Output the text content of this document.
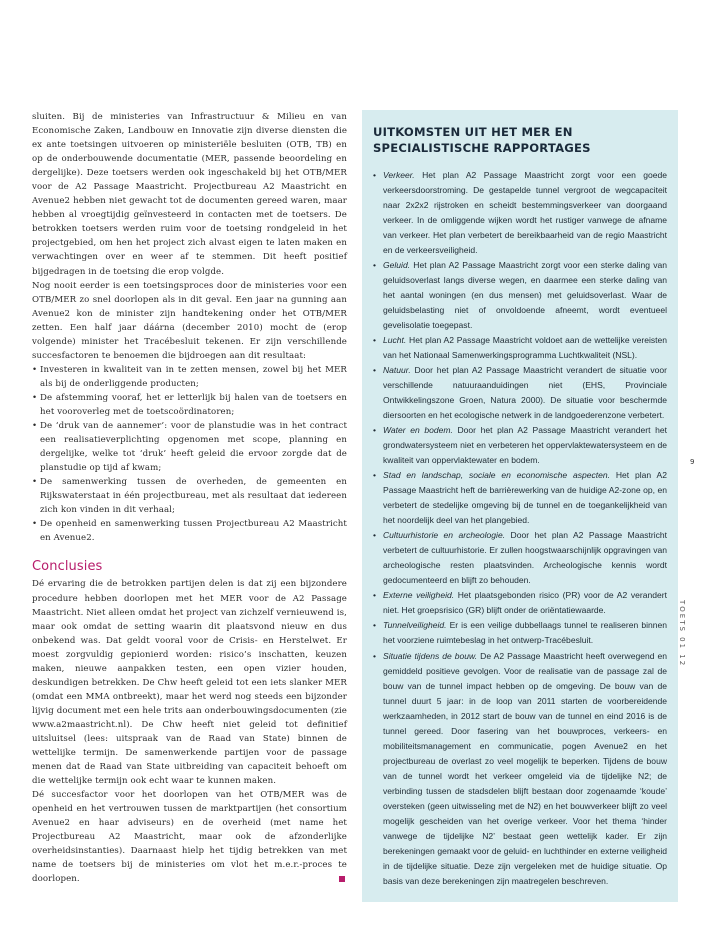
sluiten. Bij de ministeries van Infrastructuur & Milieu en van Economische Zaken, Landbouw en Innovatie zijn diverse diensten die ex ante toetsingen uitvoeren op ministeriële besluiten (OTB, TB) en op de onderbouwende documentatie (MER, passende beoordeling en dergelijke). Deze toetsers werden ook ingeschakeld bij het OTB/MER voor de A2 Passage Maastricht. Projectbureau A2 Maastricht en Avenue2 hebben niet gewacht tot de documenten gereed waren, maar hebben al vroegtijdig geïnvesteerd in contacten met de toetsers. De betrokken toetsers werden ruim voor de toetsing rondgeleid in het projectgebied, om hen het project zich alvast eigen te laten maken en verwachtingen over en weer af te stemmen. Dit heeft positief bijgedragen in de toetsing die erop volgde.

Nog nooit eerder is een toetsingsproces door de ministeries voor een OTB/MER zo snel doorlopen als in dit geval. Een jaar na gunning aan Avenue2 kon de minister zijn handtekening onder het OTB/MER zetten. Een half jaar dáárna (december 2010) mocht de (erop volgende) minister het Tracébesluit tekenen. Er zijn verschillende succesfactoren te benoemen die bijdroegen aan dit resultaat:

• Investeren in kwaliteit van in te zetten mensen, zowel bij het MER als bij de onderliggende producten;
• De afstemming vooraf, het er letterlijk bij halen van de toetsers en het vooroverleg met de toetscoördinatoren;
• De ‘druk van de aannemer’: voor de planstudie was in het contract een realisatieverplichting opgenomen met scope, planning en dergelijke, welke tot ‘druk’ heeft geleid die ervoor zorgde dat de planstudie op tijd af kwam;
• De samenwerking tussen de overheden, de gemeenten en Rijkswaterstaat in één projectbureau, met als resultaat dat iedereen zich kon vinden in dit verhaal;
• De openheid en samenwerking tussen Projectbureau A2 Maastricht en Avenue2.
Conclusies

Dé ervaring die de betrokken partijen delen is dat zij een bijzondere procedure hebben doorlopen met het MER voor de A2 Passage Maastricht. Niet alleen omdat het project van zichzelf vernieuwend is, maar ook omdat de setting waarin dit plaatsvond nieuw en dus onbekend was. Dat geldt vooral voor de Crisis- en Herstelwet. Er moest zorgvuldig gepionierd worden: risico’s inschatten, keuzen maken, nieuwe aanpakken testen, een open vizier houden, deskundigen betrekken. De Chw heeft geleid tot een iets slanker MER (omdat een MMA ontbreekt), maar het werd nog steeds een bijzonder lijvig document met een hele trits aan onderbouwingsdocumenten (zie www.a2maastricht.nl). De Chw heeft niet geleid tot definitief uitsluitsel (lees: uitspraak van de Raad van State) binnen de wettelijke termijn. De samenwerkende partijen voor de passage menen dat de Raad van State uitbreiding van capaciteit behoeft om die wettelijke termijn ook echt waar te kunnen maken.

Dé succesfactor voor het doorlopen van het OTB/MER was de openheid en het vertrouwen tussen de marktpartijen (het consortium Avenue2 en haar adviseurs) en de overheid (met name het Projectbureau A2 Maastricht, maar ook de afzonderlijke overheidsinstanties). Daarnaast hielp het tijdig betrekken van met name de toetsers bij de ministeries om vlot het m.e.r.-proces te doorlopen.

UITKOMSTEN UIT HET MER EN SPECIALISTISCHE RAPPORTAGES
• Verkeer. Het plan A2 Passage Maastricht zorgt voor een goede verkeersdoorstroming. De gestapelde tunnel vergroot de wegcapaciteit naar 2x2x2 rijstroken en scheidt bestemmingsverkeer van doorgaand verkeer. In de omliggende wijken wordt het rustiger vanwege de afname van verkeer. Het plan verbetert de bereikbaarheid van de regio Maastricht en de verkeersveiligheid.
• Geluid. Het plan A2 Passage Maastricht zorgt voor een sterke daling van geluidsoverlast langs diverse wegen, en daarmee een sterke daling van het aantal woningen (en dus mensen) met geluidsoverlast. Waar de geluidsbelasting niet of onvoldoende afneemt, wordt eventueel gevelisolatie toegepast.
• Lucht. Het plan A2 Passage Maastricht voldoet aan de wettelijke vereisten van het Nationaal Samenwerkingsprogramma Luchtkwaliteit (NSL).
• Natuur. Door het plan A2 Passage Maastricht verandert de situatie voor verschillende natuuraanduidingen niet (EHS, Provinciale Ontwikkelingszone Groen, Natura 2000). De situatie voor beschermde diersoorten en het ecologische netwerk in de landgoederenzone verbetert.
• Water en bodem. Door het plan A2 Passage Maastricht verandert het grondwatersysteem niet en verbeteren het oppervlaktewatersysteem en de kwaliteit van oppervlaktewater en bodem.
• Stad en landschap, sociale en economische aspecten. Het plan A2 Passage Maastricht heft de barrièrewerking van de huidige A2-zone op, en verbetert de stedelijke omgeving bij de tunnel en de toegankelijkheid van het noordelijk deel van het plangebied.
• Cultuurhistorie en archeologie. Door het plan A2 Passage Maastricht verbetert de cultuurhistorie. Er zullen hoogstwaarschijnlijk opgravingen van archeologische resten plaatsvinden. Archeologische kennis wordt gedocumenteerd en blijft zo behouden.
• Externe veiligheid. Het plaatsgebonden risico (PR) voor de A2 verandert niet. Het groepsrisico (GR) blijft onder de oriëntatiewaarde.
• Tunnelveiligheid. Er is een veilige dubbellaags tunnel te realiseren binnen het voorziene ruimtebeslag in het ontwerp-Tracébesluit.
• Situatie tijdens de bouw. De A2 Passage Maastricht heeft overwegend en gemiddeld positieve gevolgen. Voor de realisatie van de passage zal de bouw van de tunnel impact hebben op de omgeving. De bouw van de tunnel duurt 5 jaar: in de loop van 2011 starten de voorbereidende werkzaamheden, in 2012 start de bouw van de tunnel en eind 2016 is de tunnel gereed. Door fasering van het bouwproces, verkeers- en mobiliteitsmanagement en communicatie, pogen Avenue2 en het projectbureau de overlast zo veel mogelijk te beperken. Tijdens de bouw van de tunnel wordt het verkeer omgeleid via de tijdelijke N2; de verbinding tussen de stadsdelen blijft bestaan door zogenaamde ‘koude’ oversteken (geen uitwisseling met de N2) en het bouwverkeer blijft zo veel mogelijk gescheiden van het overige verkeer. Voor het thema ‘hinder vanwege de tijdelijke N2’ bestaat geen wettelijk kader. Er zijn berekeningen gemaakt voor de geluid- en luchthinder en externe veiligheid in de tijdelijke situatie. Deze zijn vergeleken met de huidige situatie. Op basis van deze berekeningen zijn maatregelen beschreven.
9
TOETS 01 12
